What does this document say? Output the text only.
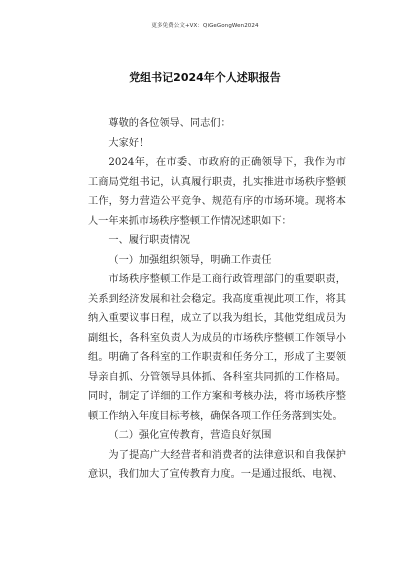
更多免费公文+VX：QiGeGongWen2024
党组书记2024年个人述职报告

尊敬的各位领导、同志们：

大家好！

2024年，在市委、市政府的正确领导下，我作为市工商局党组书记，认真履行职责，扎实推进市场秩序整顿工作，努力营造公平竞争、规范有序的市场环境。现将本人一年来抓市场秩序整顿工作情况述职如下：

一、履行职责情况

（一）加强组织领导，明确工作责任

市场秩序整顿工作是工商行政管理部门的重要职责，关系到经济发展和社会稳定。我高度重视此项工作，将其纳入重要议事日程，成立了以我为组长，其他党组成员为副组长，各科室负责人为成员的市场秩序整顿工作领导小组。明确了各科室的工作职责和任务分工，形成了主要领导亲自抓、分管领导具体抓、各科室共同抓的工作格局。同时，制定了详细的工作方案和考核办法，将市场秩序整顿工作纳入年度目标考核，确保各项工作任务落到实处。

（二）强化宣传教育，营造良好氛围

为了提高广大经营者和消费者的法律意识和自我保护意识，我们加大了宣传教育力度。一是通过报纸、电视、
